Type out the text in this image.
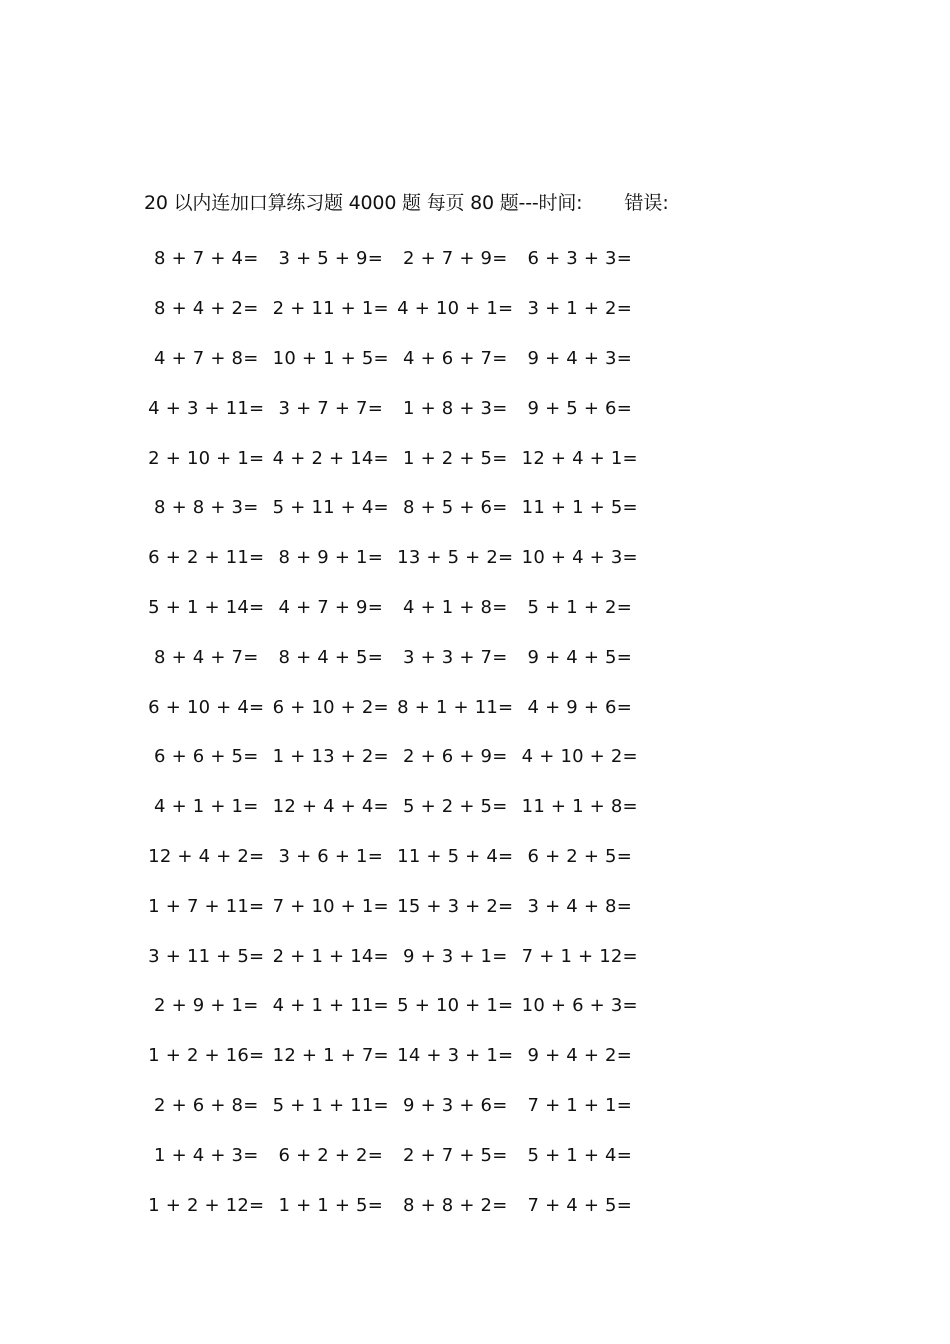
20 以内连加口算练习题 4000 题 每页 80 题---时间: 错误:
8 + 7 + 4=	3 + 5 + 9=	2 + 7 + 9=	6 + 3 + 3=
8 + 4 + 2= 2 + 11 + 1= 4 + 10 + 1= 3 + 1 + 2=
4 + 7 + 8= 10 + 1 + 5= 4 + 6 + 7=	9 + 4 + 3=
4 + 3 + 11= 3 + 7 + 7=	1 + 8 + 3=	9 + 5 + 6=
2 + 10 + 1= 4 + 2 + 14= 1 + 2 + 5= 12 + 4 + 1=
8 + 8 + 3= 5 + 11 + 4= 8 + 5 + 6= 11 + 1 + 5=
6 + 2 + 11= 8 + 9 + 1= 13 + 5 + 2= 10 + 4 + 3=
5 + 1 + 14= 4 + 7 + 9=	4 + 1 + 8=	5 + 1 + 2=
8 + 4 + 7=	8 + 4 + 5=	3 + 3 + 7=	9 + 4 + 5=
6 + 10 + 4= 6 + 10 + 2= 8 + 1 + 11= 4 + 9 + 6=
6 + 6 + 5= 1 + 13 + 2= 2 + 6 + 9= 4 + 10 + 2=
4 + 1 + 1= 12 + 4 + 4= 5 + 2 + 5= 11 + 1 + 8=
12 + 4 + 2= 3 + 6 + 1= 11 + 5 + 4= 6 + 2 + 5=
1 + 7 + 11= 7 + 10 + 1= 15 + 3 + 2= 3 + 4 + 8=
3 + 11 + 5= 2 + 1 + 14= 9 + 3 + 1= 7 + 1 + 12=
2 + 9 + 1= 4 + 1 + 11= 5 + 10 + 1= 10 + 6 + 3=
1 + 2 + 16= 12 + 1 + 7= 14 + 3 + 1= 9 + 4 + 2=
2 + 6 + 8= 5 + 1 + 11= 9 + 3 + 6=	7 + 1 + 1=
1 + 4 + 3=	6 + 2 + 2=	2 + 7 + 5=	5 + 1 + 4=
1 + 2 + 12= 1 + 1 + 5=	8 + 8 + 2=	7 + 4 + 5=
